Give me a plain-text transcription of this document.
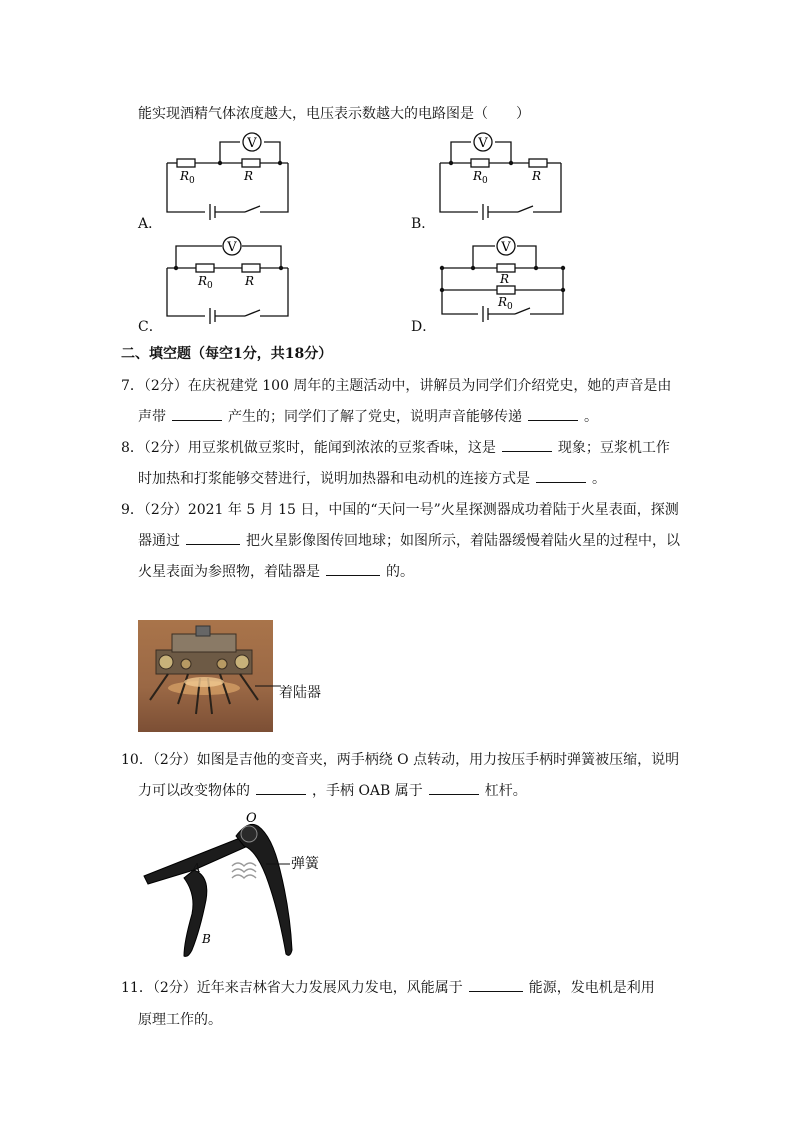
能实现酒精气体浓度越大，电压表示数越大的电路图是（　　）
V
$R_0$	R
A．
V
$R_0$	R
B．
V
$R_0$	R
C．
V
R
$R_0$
D．
二、填空题（每空1分，共18分）
7．（2分）在庆祝建党 100 周年的主题活动中，讲解员为同学们介绍党史，她的声音是由
声带	产生的；同学们了解了党史，说明声音能够传递	。
8．（2分）用豆浆机做豆浆时，能闻到浓浓的豆浆香味，这是	现象；豆浆机工作
时加热和打浆能够交替进行，说明加热器和电动机的连接方式是	。
9．（2分）2021 年 5 月 15 日，中国的“天问一号”火星探测器成功着陆于火星表面，探测
器通过	把火星影像图传回地球；如图所示，着陆器缓慢着陆火星的过程中，以
火星表面为参照物，着陆器是	的。
着陆器
10．（2分）如图是吉他的变音夹，两手柄绕 O 点转动，用力按压手柄时弹簧被压缩，说明
力可以改变物体的	，手柄 OAB 属于	杠杆。
O
A
B
弹簧
11．（2分）近年来吉林省大力发展风力发电，风能属于	能源，发电机是利用
原理工作的。
